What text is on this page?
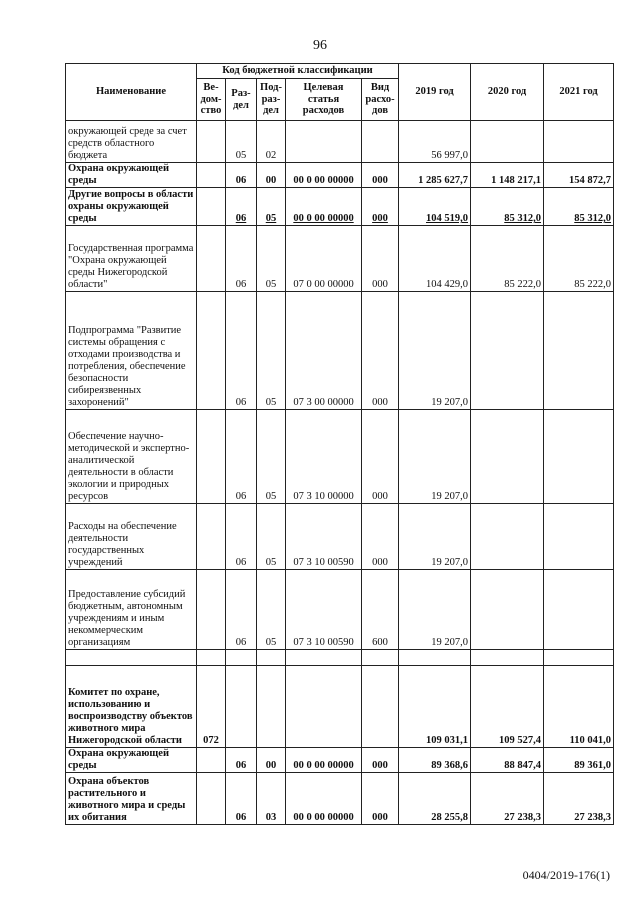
96
Наименование	Код бюджетной классификации					2019 год	2020 год	2021 год
	Ве-дом-ство	Раз-дел	Под-раз-дел	Целевая статья расходов	Вид расхо-дов			
окружающей среде за счет средств областного бюджета		05	02			56 997,0		
Охрана окружающей среды		06	00	00 0 00 00000	000	1 285 627,7	1 148 217,1	154 872,7
Другие вопросы в области охраны окружающей среды		06	05	00 0 00 00000	000	104 519,0	85 312,0	85 312,0
Государственная программа "Охрана окружающей среды Нижегородской области"		06	05	07 0 00 00000	000	104 429,0	85 222,0	85 222,0
Подпрограмма "Развитие системы обращения с отходами производства и потребления, обеспечение безопасности сибиреязвенных захоронений"		06	05	07 3 00 00000	000	19 207,0		
Обеспечение научно-методической и экспертно-аналитической деятельности в области экологии и природных ресурсов		06	05	07 3 10 00000	000	19 207,0		
Расходы на обеспечение деятельности государственных учреждений		06	05	07 3 10 00590	000	19 207,0		
Предоставление субсидий бюджетным, автономным учреждениям и иным некоммерческим организациям		06	05	07 3 10 00590	600	19 207,0		

Комитет по охране, использованию и воспроизводству объектов животного мира Нижегородской области	072					109 031,1	109 527,4	110 041,0
Охрана окружающей среды		06	00	00 0 00 00000	000	89 368,6	88 847,4	89 361,0
Охрана объектов растительного и животного мира и среды их обитания		06	03	00 0 00 00000	000	28 255,8	27 238,3	27 238,3
0404/2019-176(1)
